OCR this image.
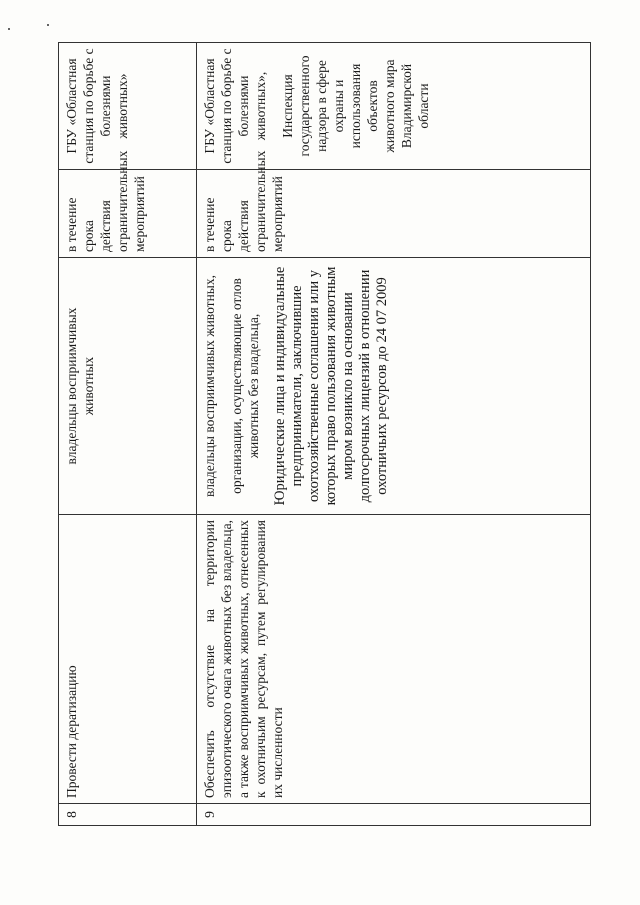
8	Провести дератизацию	владельцы восприимчивых животных	в течение срока действия ограничительных мероприятий	ГБУ «Областная станция по борьбе с болезнями животных»
9	Обеспечить отсутствие на территории эпизоотического очага животных без владельца, а также восприимчивых животных, отнесенных к охотничьим ресурсам, путем регулирования их численности	владельцы восприимчивых животных, организации, осуществляющие отлов животных без владельца, Юридические лица и индивидуальные предприниматели, заключившие охотхозяйственные соглашения или у которых право пользования животным миром возникло на основании долгосрочных лицензий в отношении охотничьих ресурсов до 24 07 2009	в течение срока действия ограничительных мероприятий	ГБУ «Областная станция по борьбе с болезнями животных», Инспекция государственного надзора в сфере охраны и использования объектов животного мира Владимирской области
